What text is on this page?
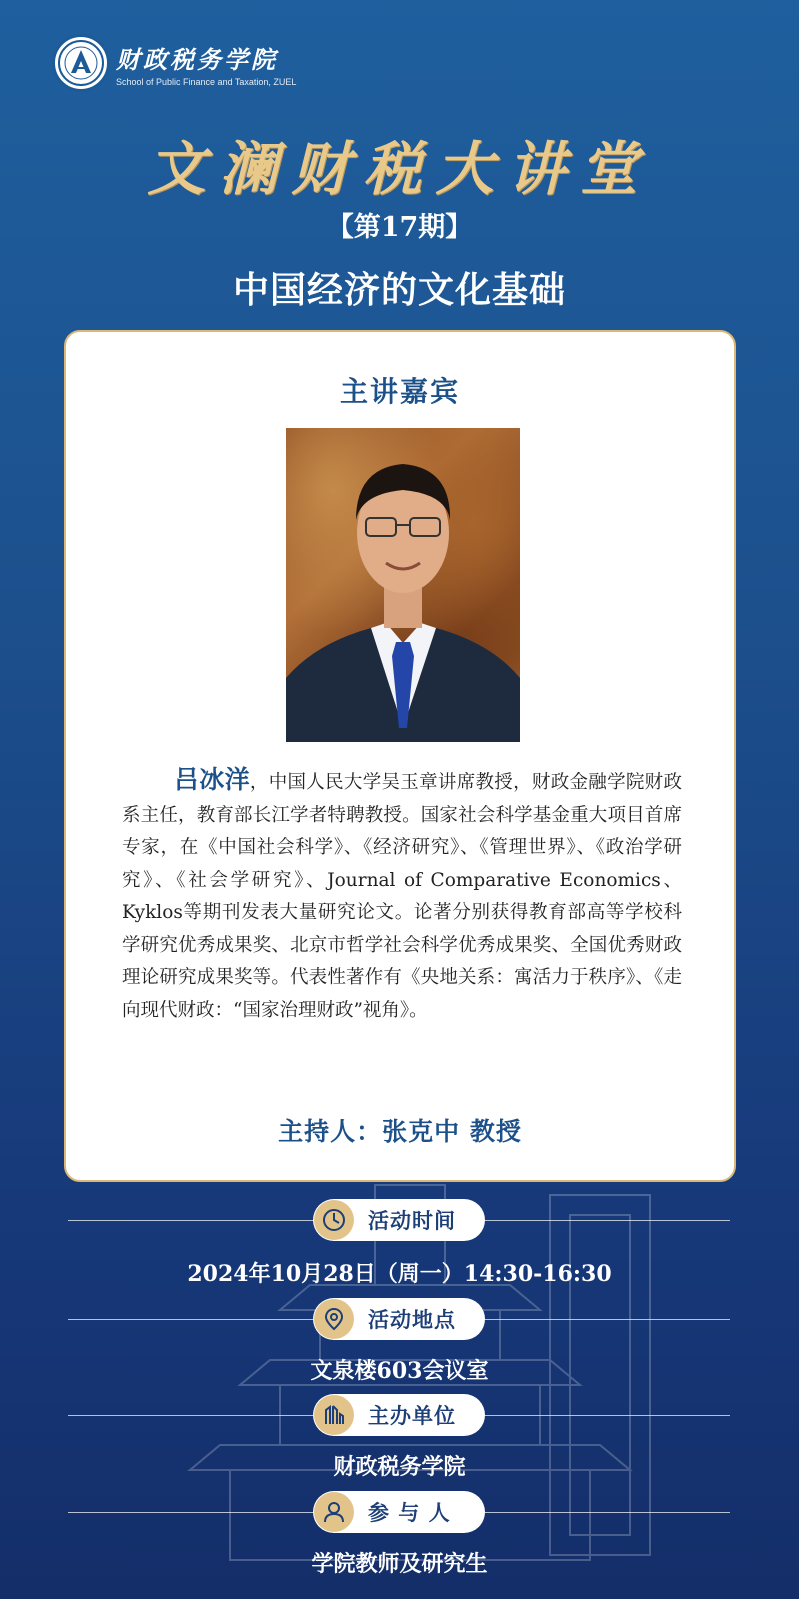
财政税务学院
School of Public Finance and Taxation, ZUEL
文澜财税大讲堂
【第17期】
中国经济的文化基础
主讲嘉宾
吕冰洋，中国人民大学吴玉章讲席教授，财政金融学院财政系主任，教育部长江学者特聘教授。国家社会科学基金重大项目首席专家，在《中国社会科学》、《经济研究》、《管理世界》、《政治学研究》、《社会学研究》、Journal of Comparative Economics、Kyklos等期刊发表大量研究论文。论著分别获得教育部高等学校科学研究优秀成果奖、北京市哲学社会科学优秀成果奖、全国优秀财政理论研究成果奖等。代表性著作有《央地关系：寓活力于秩序》、《走向现代财政：“国家治理财政”视角》。
主持人：张克中 教授
活动时间
2024年10月28日（周一）14:30-16:30
活动地点
文泉楼603会议室
主办单位
财政税务学院
参 与 人
学院教师及研究生
